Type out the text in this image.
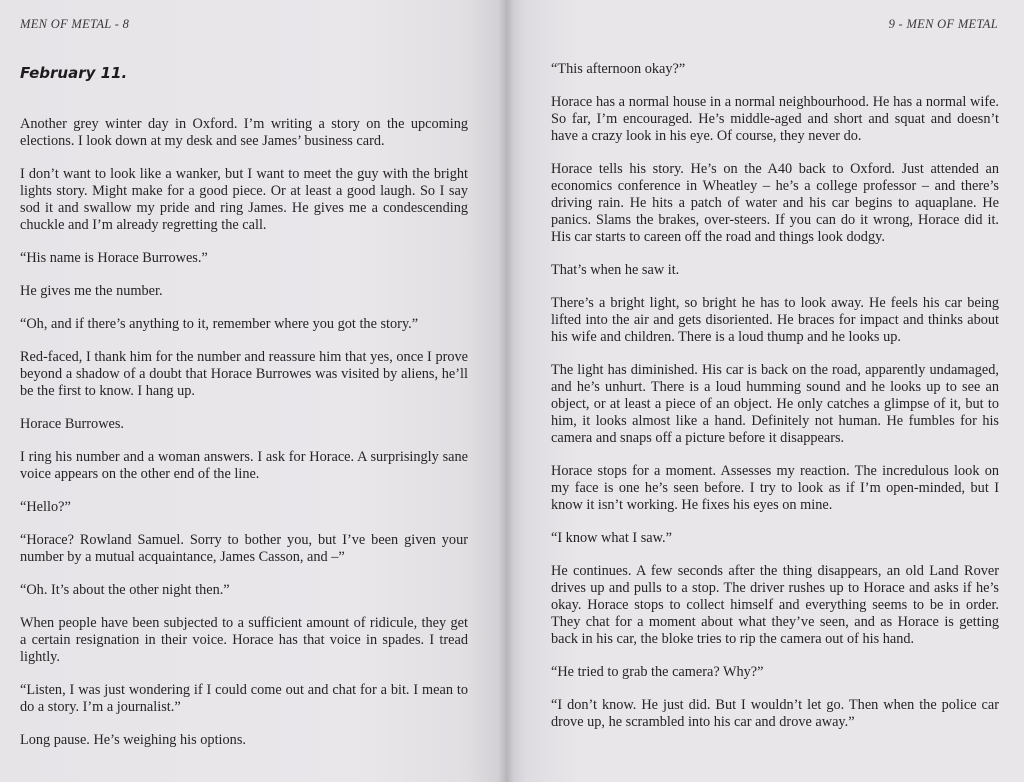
MEN OF METAL - 8
February 11.

Another grey winter day in Oxford. I’m writing a story on the upcoming elections. I look down at my desk and see James’ business card.

I don’t want to look like a wanker, but I want to meet the guy with the bright lights story. Might make for a good piece. Or at least a good laugh. So I say sod it and swallow my pride and ring James. He gives me a condescending chuckle and I’m already regretting the call.

“His name is Horace Burrowes.”

He gives me the number.

“Oh, and if there’s anything to it, remember where you got the story.”

Red-faced, I thank him for the number and reassure him that yes, once I prove beyond a shadow of a doubt that Horace Burrowes was visited by aliens, he’ll be the first to know. I hang up.

Horace Burrowes.

I ring his number and a woman answers. I ask for Horace. A surprisingly sane voice appears on the other end of the line.

“Hello?”

“Horace? Rowland Samuel. Sorry to bother you, but I’ve been given your number by a mutual acquaintance, James Casson, and –”

“Oh. It’s about the other night then.”

When people have been subjected to a sufficient amount of ridicule, they get a certain resignation in their voice. Horace has that voice in spades. I tread lightly.

“Listen, I was just wondering if I could come out and chat for a bit. I mean to do a story. I’m a journalist.”

Long pause. He’s weighing his options.

9 - MEN OF METAL

“This afternoon okay?”

Horace has a normal house in a normal neighbourhood. He has a normal wife. So far, I’m encouraged. He’s middle-aged and short and squat and doesn’t have a crazy look in his eye. Of course, they never do.

Horace tells his story. He’s on the A40 back to Oxford. Just attended an economics conference in Wheatley – he’s a college professor – and there’s driving rain. He hits a patch of water and his car begins to aquaplane. He panics. Slams the brakes, over-steers. If you can do it wrong, Horace did it. His car starts to careen off the road and things look dodgy.

That’s when he saw it.

There’s a bright light, so bright he has to look away. He feels his car being lifted into the air and gets disoriented. He braces for impact and thinks about his wife and children. There is a loud thump and he looks up.

The light has diminished. His car is back on the road, apparently undamaged, and he’s unhurt. There is a loud humming sound and he looks up to see an object, or at least a piece of an object. He only catches a glimpse of it, but to him, it looks almost like a hand. Definitely not human. He fumbles for his camera and snaps off a picture before it disappears.

Horace stops for a moment. Assesses my reaction. The incredulous look on my face is one he’s seen before. I try to look as if I’m open-minded, but I know it isn’t working. He fixes his eyes on mine.

“I know what I saw.”

He continues. A few seconds after the thing disappears, an old Land Rover drives up and pulls to a stop. The driver rushes up to Horace and asks if he’s okay. Horace stops to collect himself and everything seems to be in order. They chat for a moment about what they’ve seen, and as Horace is getting back in his car, the bloke tries to rip the camera out of his hand.

“He tried to grab the camera? Why?”

“I don’t know. He just did. But I wouldn’t let go. Then when the police car drove up, he scrambled into his car and drove away.”
